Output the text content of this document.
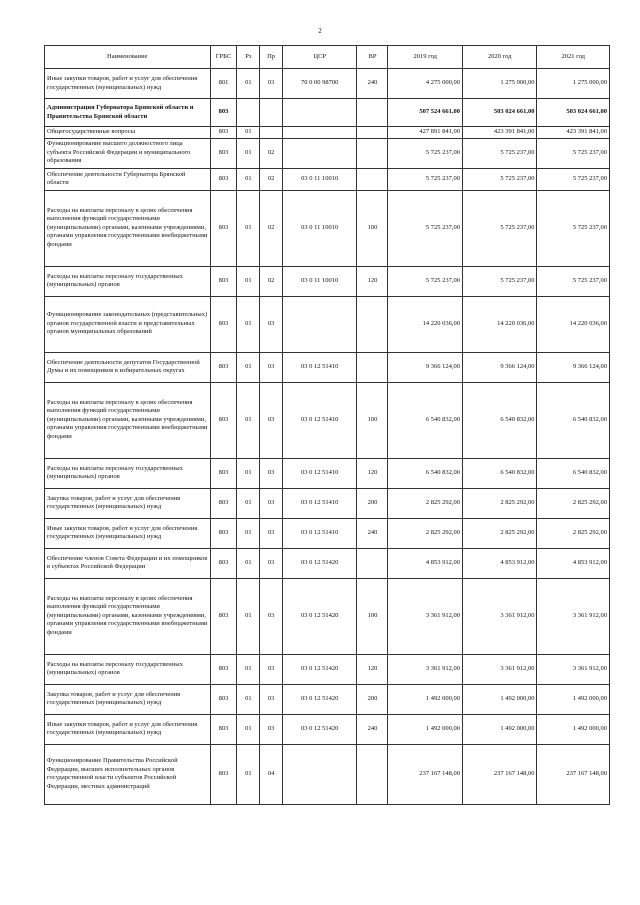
2
Наименование	ГРБС	Рз	Пр	ЦСР	ВР	2019 год	2020 год	2021 год
Иные закупки товаров, работ и услуг для обеспечения государственных (муниципальных) нужд	801	01	03	70 0 00 98700	240	4 275 000,00	1 275 000,00	1 275 000,00
Администрация Губернатора Брянской области и Правительства Брянской области	803					507 524 661,00	503 024 661,00	503 024 661,00
Общегосударственные вопросы	803	01				427 891 841,00	423 391 841,00	423 391 841,00
Функционирование высшего должностного лица субъекта Российской Федерации и муниципального образования	803	01	02			5 725 237,00	5 725 237,00	5 725 237,00
Обеспечение деятельности Губернатора Брянской области	803	01	02	03 0 11 10010		5 725 237,00	5 725 237,00	5 725 237,00
Расходы на выплаты персоналу в целях обеспечения выполнения функций государственными (муниципальными) органами, казенными учреждениями, органами управления государственными внебюджетными фондами	803	01	02	03 0 11 10010	100	5 725 237,00	5 725 237,00	5 725 237,00
Расходы на выплаты персоналу государственных (муниципальных) органов	803	01	02	03 0 11 10010	120	5 725 237,00	5 725 237,00	5 725 237,00
Функционирование законодательных (представительных) органов государственной власти и представительных органов муниципальных образований	803	01	03			14 220 036,00	14 220 036,00	14 220 036,00
Обеспечение деятельности депутатов Государственной Думы и их помощников в избирательных округах	803	01	03	03 0 12 51410		9 366 124,00	9 366 124,00	9 366 124,00
Расходы на выплаты персоналу в целях обеспечения выполнения функций государственными (муниципальными) органами, казенными учреждениями, органами управления государственными внебюджетными фондами	803	01	03	03 0 12 51410	100	6 540 832,00	6 540 832,00	6 540 832,00
Расходы на выплаты персоналу государственных (муниципальных) органов	803	01	03	03 0 12 51410	120	6 540 832,00	6 540 832,00	6 540 832,00
Закупка товаров, работ и услуг для обеспечения государственных (муниципальных) нужд	803	01	03	03 0 12 51410	200	2 825 292,00	2 825 292,00	2 825 292,00
Иные закупки товаров, работ и услуг для обеспечения государственных (муниципальных) нужд	803	01	03	03 0 12 51410	240	2 825 292,00	2 825 292,00	2 825 292,00
Обеспечение членов Совета Федерации и их помощников в субъектах Российской Федерации	803	01	03	03 0 12 51420		4 853 912,00	4 853 912,00	4 853 912,00
Расходы на выплаты персоналу в целях обеспечения выполнения функций государственными (муниципальными) органами, казенными учреждениями, органами управления государственными внебюджетными фондами	803	01	03	03 0 12 51420	100	3 361 912,00	3 361 912,00	3 361 912,00
Расходы на выплаты персоналу государственных (муниципальных) органов	803	01	03	03 0 12 51420	120	3 361 912,00	3 361 912,00	3 361 912,00
Закупка товаров, работ и услуг для обеспечения государственных (муниципальных) нужд	803	01	03	03 0 12 51420	200	1 492 000,00	1 492 000,00	1 492 000,00
Иные закупки товаров, работ и услуг для обеспечения государственных (муниципальных) нужд	803	01	03	03 0 12 51420	240	1 492 000,00	1 492 000,00	1 492 000,00
Функционирование Правительства Российской Федерации, высших исполнительных органов государственной власти субъектов Российской Федерации, местных администраций	803	01	04			237 167 148,00	237 167 148,00	237 167 148,00
